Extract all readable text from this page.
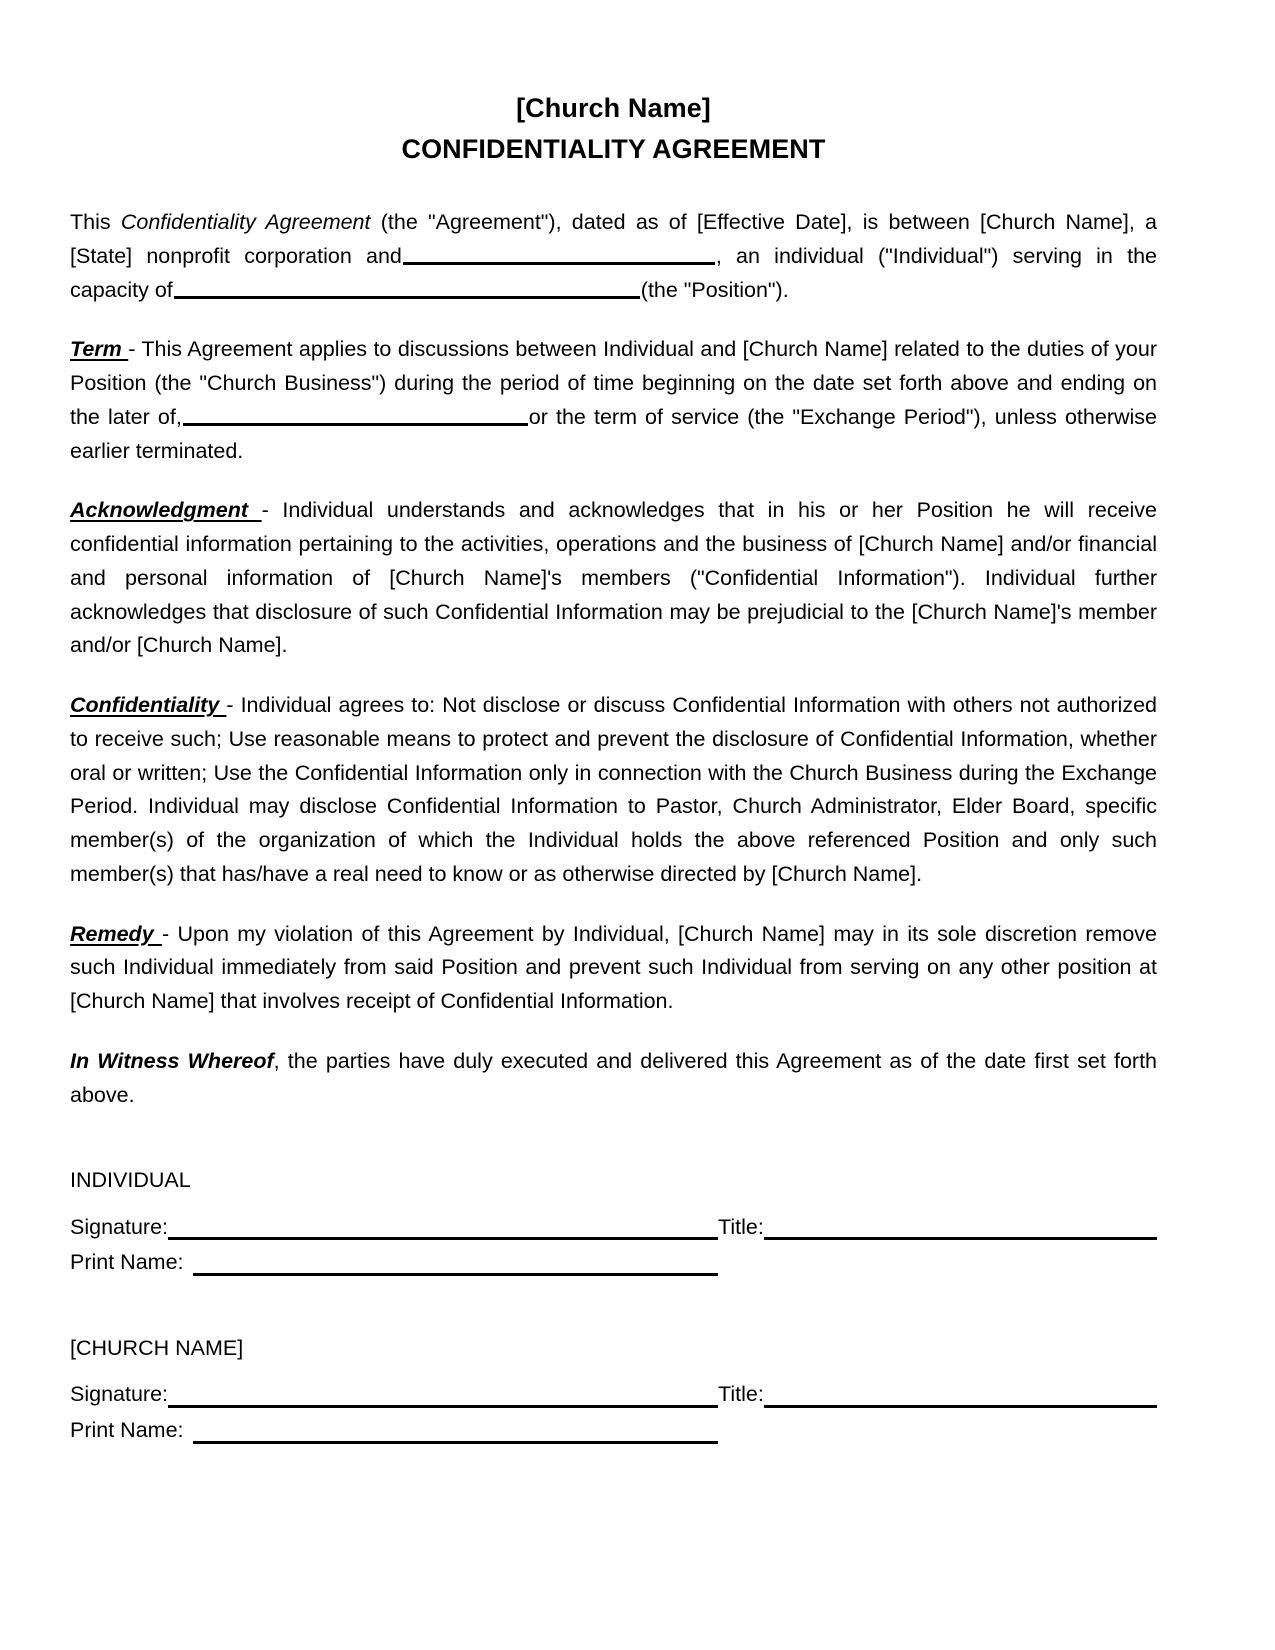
[Church Name]
CONFIDENTIALITY AGREEMENT

This Confidentiality Agreement (the "Agreement"), dated as of [Effective Date], is between [Church Name], a [State] nonprofit corporation and	, an individual ("Individual") serving in the capacity of	(the "Position").

Term - This Agreement applies to discussions between Individual and [Church Name] related to the duties of your Position (the "Church Business") during the period of time beginning on the date set forth above and ending on the later of,	or the term of service (the "Exchange Period"), unless otherwise earlier terminated.

Acknowledgment - Individual understands and acknowledges that in his or her Position he will receive confidential information pertaining to the activities, operations and the business of [Church Name] and/or financial and personal information of [Church Name]'s members ("Confidential Information"). Individual further acknowledges that disclosure of such Confidential Information may be prejudicial to the [Church Name]'s member and/or [Church Name].

Confidentiality - Individual agrees to: Not disclose or discuss Confidential Information with others not authorized to receive such; Use reasonable means to protect and prevent the disclosure of Confidential Information, whether oral or written; Use the Confidential Information only in connection with the Church Business during the Exchange Period. Individual may disclose Confidential Information to Pastor, Church Administrator, Elder Board, specific member(s) of the organization of which the Individual holds the above referenced Position and only such member(s) that has/have a real need to know or as otherwise directed by [Church Name].

Remedy - Upon my violation of this Agreement by Individual, [Church Name] may in its sole discretion remove such Individual immediately from said Position and prevent such Individual from serving on any other position at [Church Name] that involves receipt of Confidential Information.

In Witness Whereof, the parties have duly executed and delivered this Agreement as of the date first set forth above.

INDIVIDUAL
Signature:	Title:
Print Name:
[CHURCH NAME]
Signature:	Title:
Print Name:
